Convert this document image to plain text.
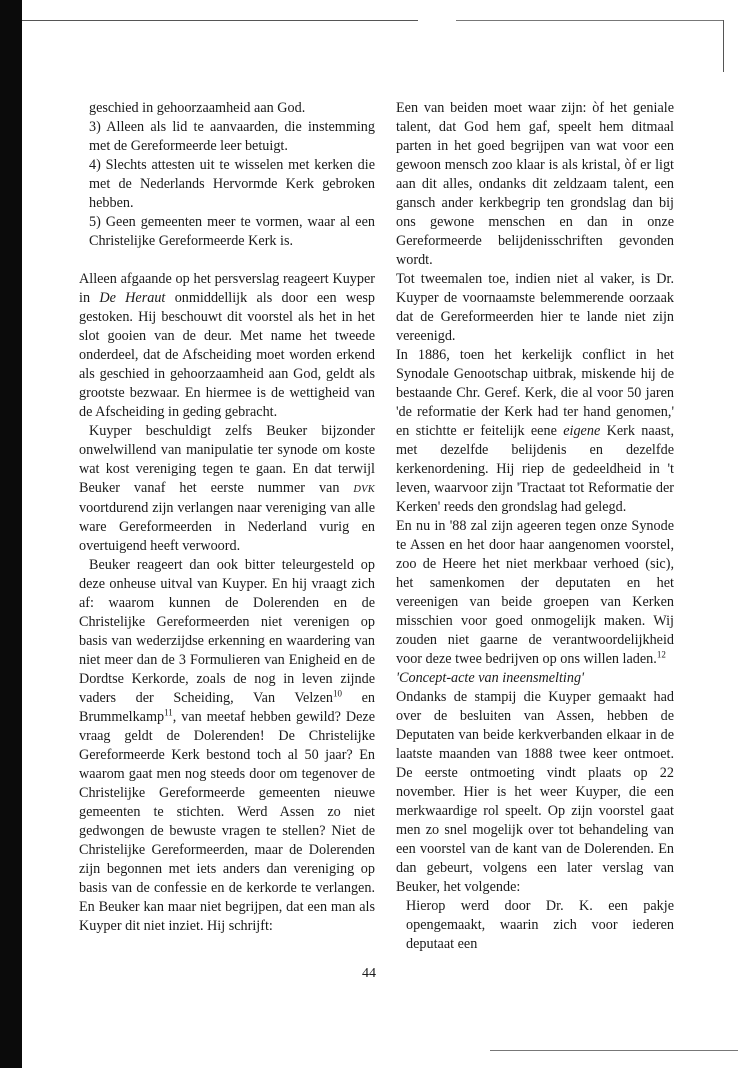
geschied in gehoorzaamheid aan God.

3) Alleen als lid te aanvaarden, die instemming met de Gereformeerde leer betuigt.

4) Slechts attesten uit te wisselen met kerken die met de Nederlands Hervormde Kerk gebroken hebben.

5) Geen gemeenten meer te vormen, waar al een Christelijke Gereformeerde Kerk is.

Alleen afgaande op het persverslag reageert Kuyper in De Heraut onmiddellijk als door een wesp gestoken. Hij beschouwt dit voorstel als het in het slot gooien van de deur. Met name het tweede onderdeel, dat de Afscheiding moet worden erkend als geschied in gehoorzaamheid aan God, geldt als grootste bezwaar. En hiermee is de wettigheid van de Afscheiding in geding gebracht.

Kuyper beschuldigt zelfs Beuker bijzonder onwelwillend van manipulatie ter synode om koste wat kost vereniging tegen te gaan. En dat terwijl Beuker vanaf het eerste nummer van DVK voortdurend zijn verlangen naar vereniging van alle ware Gereformeerden in Nederland vurig en overtuigend heeft verwoord.

Beuker reageert dan ook bitter teleurgesteld op deze onheuse uitval van Kuyper. En hij vraagt zich af: waarom kunnen de Dolerenden en de Christelijke Gereformeerden niet verenigen op basis van wederzijdse erkenning en waardering van niet meer dan de 3 Formulieren van Enigheid en de Dordtse Kerkorde, zoals de nog in leven zijnde vaders der Scheiding, Van Velzen$^{10}$ en Brummelkamp$^{11}$, van meetaf hebben gewild? Deze vraag geldt de Dolerenden! De Christelijke Gereformeerde Kerk bestond toch al 50 jaar? En waarom gaat men nog steeds door om tegenover de Christelijke Gereformeerde gemeenten nieuwe gemeenten te stichten. Werd Assen zo niet gedwongen de bewuste vragen te stellen? Niet de Christelijke Gereformeerden, maar de Dolerenden zijn begonnen met iets anders dan vereniging op basis van de confessie en de kerkorde te verlangen. En Beuker kan maar niet begrijpen, dat een man als Kuyper dit niet inziet. Hij schrijft:

Een van beiden moet waar zijn: òf het geniale talent, dat God hem gaf, speelt hem ditmaal parten in het goed begrijpen van wat voor een gewoon mensch zoo klaar is als kristal, òf er ligt aan dit alles, ondanks dit zeldzaam talent, een gansch ander kerkbegrip ten grondslag dan bij ons gewone menschen en dan in onze Gereformeerde belijdenisschriften gevonden wordt.

Tot tweemalen toe, indien niet al vaker, is Dr. Kuyper de voornaamste belemmerende oorzaak dat de Gereformeerden hier te lande niet zijn vereenigd.

In 1886, toen het kerkelijk conflict in het Synodale Genootschap uitbrak, miskende hij de bestaande Chr. Geref. Kerk, die al voor 50 jaren 'de reformatie der Kerk had ter hand genomen,' en stichtte er feitelijk eene eigene Kerk naast, met dezelfde belijdenis en dezelfde kerkenordening. Hij riep de gedeeldheid in 't leven, waarvoor zijn 'Tractaat tot Reformatie der Kerken' reeds den grondslag had gelegd.

En nu in '88 zal zijn ageeren tegen onze Synode te Assen en het door haar aangenomen voorstel, zoo de Heere het niet merkbaar verhoed (sic), het samenkomen der deputaten en het vereenigen van beide groepen van Kerken misschien voor goed onmogelijk maken. Wij zouden niet gaarne de verantwoordelijkheid voor deze twee bedrijven op ons willen laden.$^{12}$

'Concept-acte van ineensmelting'

Ondanks de stampij die Kuyper gemaakt had over de besluiten van Assen, hebben de Deputaten van beide kerkverbanden elkaar in de laatste maanden van 1888 twee keer ontmoet. De eerste ontmoeting vindt plaats op 22 november. Hier is het weer Kuyper, die een merkwaardige rol speelt. Op zijn voorstel gaat men zo snel mogelijk over tot behandeling van een voorstel van de kant van de Dolerenden. En dan gebeurt, volgens een later verslag van Beuker, het volgende:

Hierop werd door Dr. K. een pakje opengemaakt, waarin zich voor iederen deputaat een

44
